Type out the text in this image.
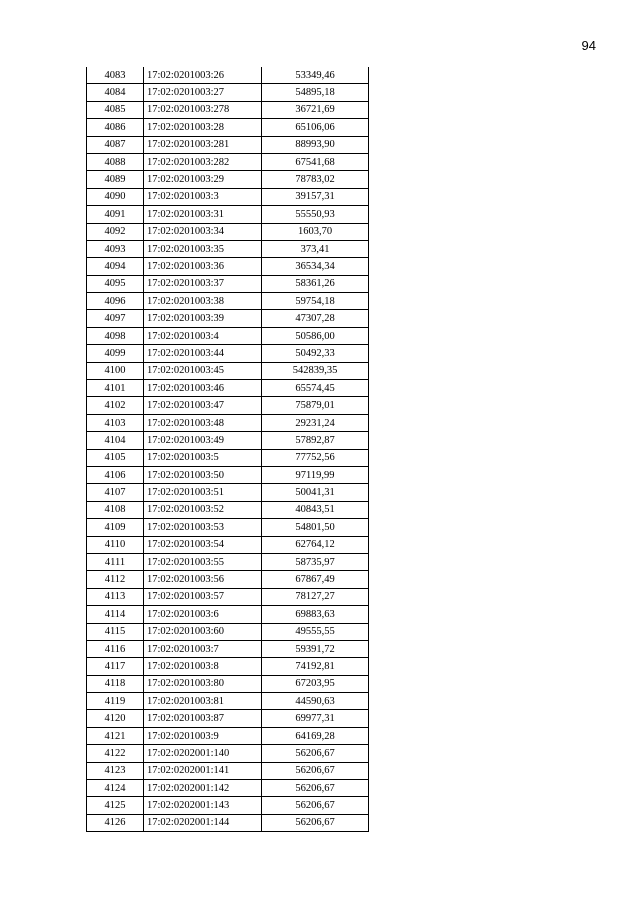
94
4083	17:02:0201003:26	53349,46
4084	17:02:0201003:27	54895,18
4085	17:02:0201003:278	36721,69
4086	17:02:0201003:28	65106,06
4087	17:02:0201003:281	88993,90
4088	17:02:0201003:282	67541,68
4089	17:02:0201003:29	78783,02
4090	17:02:0201003:3	39157,31
4091	17:02:0201003:31	55550,93
4092	17:02:0201003:34	1603,70
4093	17:02:0201003:35	373,41
4094	17:02:0201003:36	36534,34
4095	17:02:0201003:37	58361,26
4096	17:02:0201003:38	59754,18
4097	17:02:0201003:39	47307,28
4098	17:02:0201003:4	50586,00
4099	17:02:0201003:44	50492,33
4100	17:02:0201003:45	542839,35
4101	17:02:0201003:46	65574,45
4102	17:02:0201003:47	75879,01
4103	17:02:0201003:48	29231,24
4104	17:02:0201003:49	57892,87
4105	17:02:0201003:5	77752,56
4106	17:02:0201003:50	97119,99
4107	17:02:0201003:51	50041,31
4108	17:02:0201003:52	40843,51
4109	17:02:0201003:53	54801,50
4110	17:02:0201003:54	62764,12
4111	17:02:0201003:55	58735,97
4112	17:02:0201003:56	67867,49
4113	17:02:0201003:57	78127,27
4114	17:02:0201003:6	69883,63
4115	17:02:0201003:60	49555,55
4116	17:02:0201003:7	59391,72
4117	17:02:0201003:8	74192,81
4118	17:02:0201003:80	67203,95
4119	17:02:0201003:81	44590,63
4120	17:02:0201003:87	69977,31
4121	17:02:0201003:9	64169,28
4122	17:02:0202001:140	56206,67
4123	17:02:0202001:141	56206,67
4124	17:02:0202001:142	56206,67
4125	17:02:0202001:143	56206,67
4126	17:02:0202001:144	56206,67
